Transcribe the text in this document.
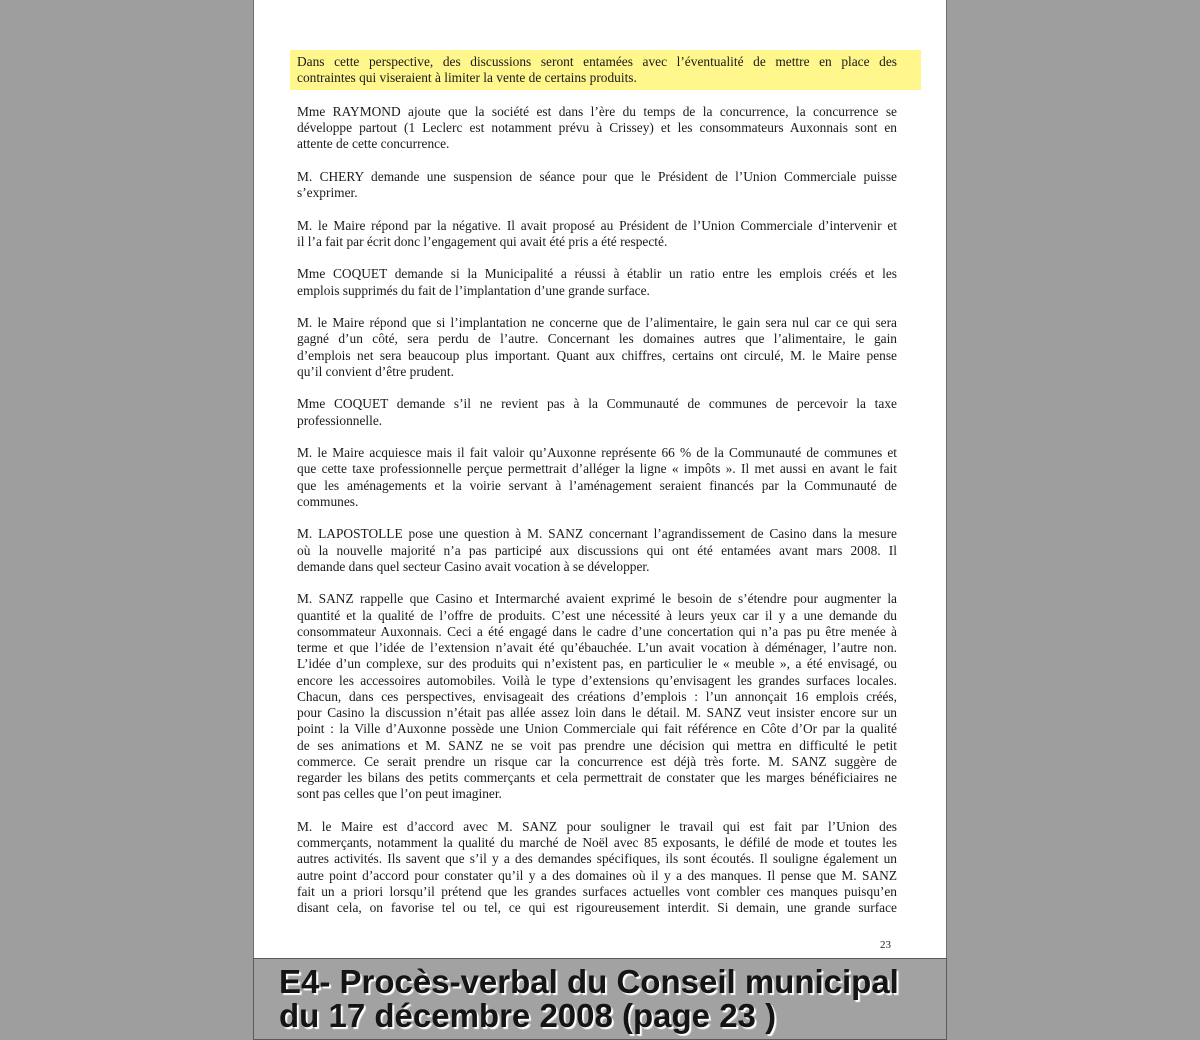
Dans cette perspective, des discussions seront entamées avec l’éventualité de mettre en place des
contraintes qui viseraient à limiter la vente de certains produits.
Mme RAYMOND ajoute que la société est dans l’ère du temps de la concurrence, la concurrence se
développe partout (1 Leclerc est notamment prévu à Crissey) et les consommateurs Auxonnais sont en
attente de cette concurrence.
M. CHERY demande une suspension de séance pour que le Président de l’Union Commerciale puisse
s’exprimer.
M. le Maire répond par la négative. Il avait proposé au Président de l’Union Commerciale d’intervenir et
il l’a fait par écrit donc l’engagement qui avait été pris a été respecté.
Mme COQUET demande si la Municipalité a réussi à établir un ratio entre les emplois créés et les
emplois supprimés du fait de l’implantation d’une grande surface.
M. le Maire répond que si l’implantation ne concerne que de l’alimentaire, le gain sera nul car ce qui sera
gagné d’un côté, sera perdu de l’autre. Concernant les domaines autres que l’alimentaire, le gain
d’emplois net sera beaucoup plus important. Quant aux chiffres, certains ont circulé, M. le Maire pense
qu’il convient d’être prudent.
Mme COQUET demande s’il ne revient pas à la Communauté de communes de percevoir la taxe
professionnelle.
M. le Maire acquiesce mais il fait valoir qu’Auxonne représente 66 % de la Communauté de communes et
que cette taxe professionnelle perçue permettrait d’alléger la ligne « impôts ». Il met aussi en avant le fait
que les aménagements et la voirie servant à l’aménagement seraient financés par la Communauté de
communes.
M. LAPOSTOLLE pose une question à M. SANZ concernant l’agrandissement de Casino dans la mesure
où la nouvelle majorité n’a pas participé aux discussions qui ont été entamées avant mars 2008. Il
demande dans quel secteur Casino avait vocation à se développer.
M. SANZ rappelle que Casino et Intermarché avaient exprimé le besoin de s’étendre pour augmenter la
quantité et la qualité de l’offre de produits. C’est une nécessité à leurs yeux car il y a une demande du
consommateur Auxonnais. Ceci a été engagé dans le cadre d’une concertation qui n’a pas pu être menée à
terme et que l’idée de l’extension n’avait été qu’ébauchée. L’un avait vocation à déménager, l’autre non.
L’idée d’un complexe, sur des produits qui n’existent pas, en particulier le « meuble », a été envisagé, ou
encore les accessoires automobiles. Voilà le type d’extensions qu’envisagent les grandes surfaces locales.
Chacun, dans ces perspectives, envisageait des créations d’emplois : l’un annonçait 16 emplois créés,
pour Casino la discussion n’était pas allée assez loin dans le détail. M. SANZ veut insister encore sur un
point : la Ville d’Auxonne possède une Union Commerciale qui fait référence en Côte d’Or par la qualité
de ses animations et M. SANZ ne se voit pas prendre une décision qui mettra en difficulté le petit
commerce. Ce serait prendre un risque car la concurrence est déjà très forte. M. SANZ suggère de
regarder les bilans des petits commerçants et cela permettrait de constater que les marges bénéficiaires ne
sont pas celles que l’on peut imaginer.
M. le Maire est d’accord avec M. SANZ pour souligner le travail qui est fait par l’Union des
commerçants, notamment la qualité du marché de Noël avec 85 exposants, le défilé de mode et toutes les
autres activités. Ils savent que s’il y a des demandes spécifiques, ils sont écoutés. Il souligne également un
autre point d’accord pour constater qu’il y a des domaines où il y a des manques. Il pense que M. SANZ
fait un a priori lorsqu’il prétend que les grandes surfaces actuelles vont combler ces manques puisqu’en
disant cela, on favorise tel ou tel, ce qui est rigoureusement interdit. Si demain, une grande surface
23
E4- Procès-verbal du Conseil municipal
du 17 décembre 2008 (page 23 )
